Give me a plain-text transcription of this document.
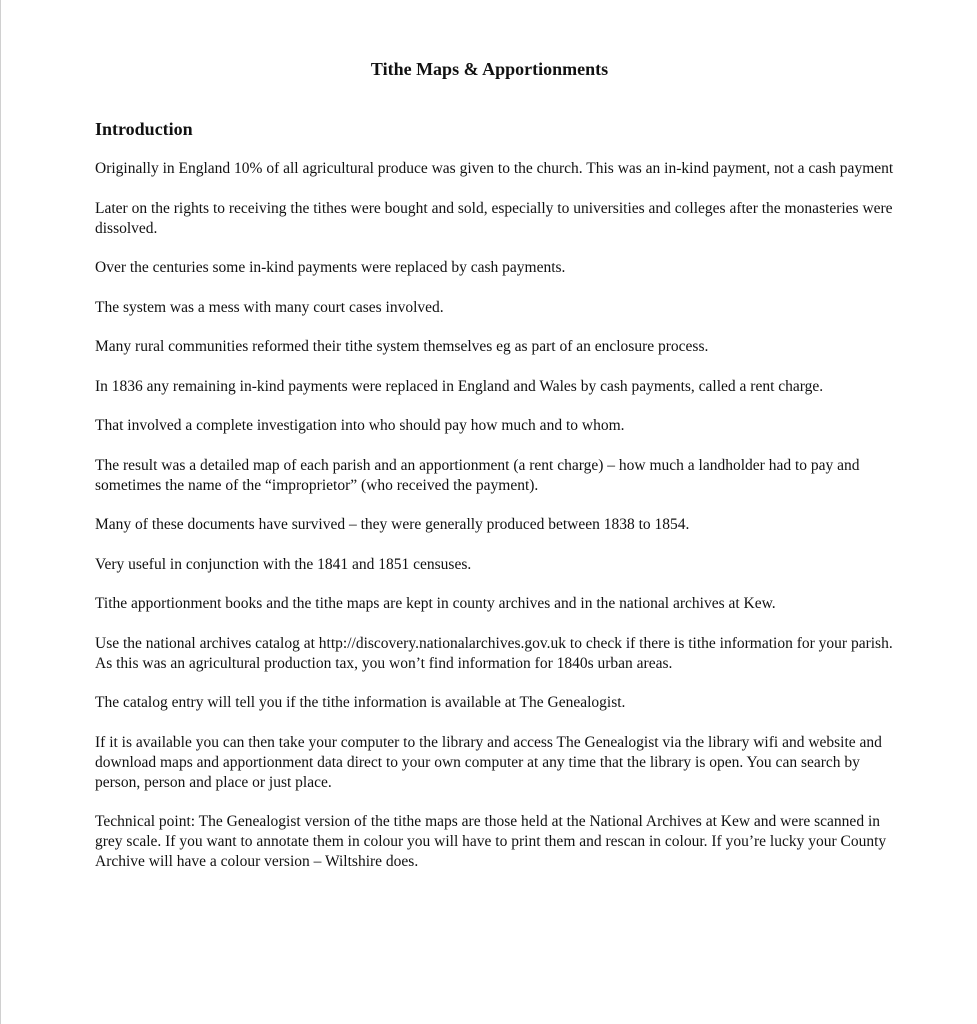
Tithe Maps & Apportionments
Introduction

Originally in England 10% of all agricultural produce was given to the church. This was an in-kind payment, not a cash payment

Later on the rights to receiving the tithes were bought and sold, especially to universities and colleges after the monasteries were dissolved.

Over the centuries some in-kind payments were replaced by cash payments.

The system was a mess with many court cases involved.

Many rural communities reformed their tithe system themselves eg as part of an enclosure process.

In 1836 any remaining in-kind payments were replaced in England and Wales by cash payments, called a rent charge.

That involved a complete investigation into who should pay how much and to whom.

The result was a detailed map of each parish and an apportionment (a rent charge) – how much a landholder had to pay and sometimes the name of the “improprietor” (who received the payment).

Many of these documents have survived – they were generally produced between 1838 to 1854.

Very useful in conjunction with the 1841 and 1851 censuses.

Tithe apportionment books and the tithe maps are kept in county archives and in the national archives at Kew.

Use the national archives catalog at http://discovery.nationalarchives.gov.uk to check if there is tithe information for your parish. As this was an agricultural production tax, you won’t find information for 1840s urban areas.

The catalog entry will tell you if the tithe information is available at The Genealogist.

If it is available you can then take your computer to the library and access The Genealogist via the library wifi and website and download maps and apportionment data direct to your own computer at any time that the library is open. You can search by person, person and place or just place.

Technical point: The Genealogist version of the tithe maps are those held at the National Archives at Kew and were scanned in grey scale. If you want to annotate them in colour you will have to print them and rescan in colour. If you’re lucky your County Archive will have a colour version – Wiltshire does.
